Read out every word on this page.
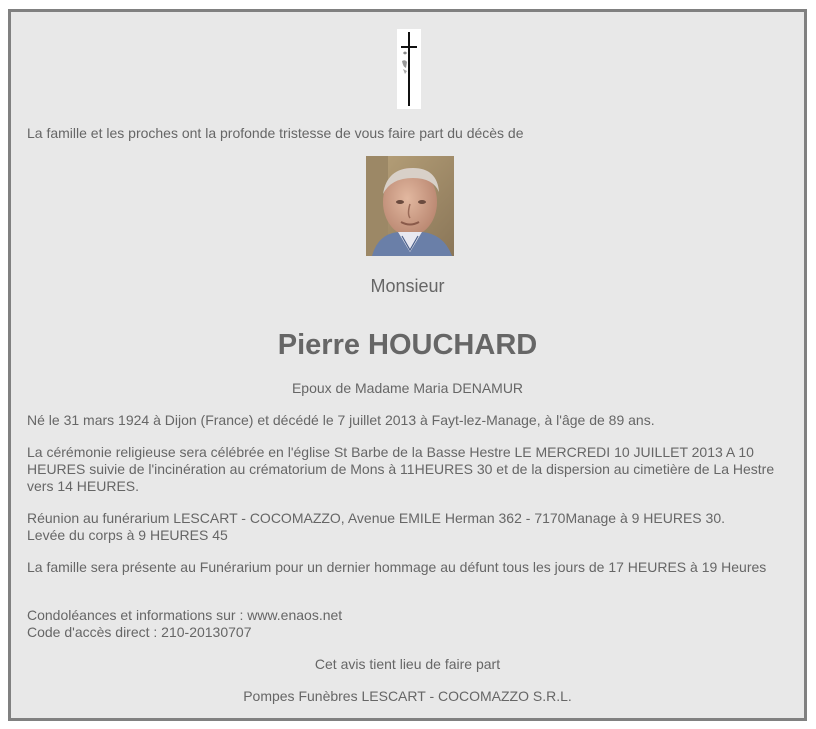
La famille et les proches ont la profonde tristesse de vous faire part du décès de
Monsieur
Pierre HOUCHARD
Epoux de Madame Maria DENAMUR
Né le 31 mars 1924 à Dijon (France) et décédé le 7 juillet 2013 à Fayt-lez-Manage, à l'âge de 89 ans.
La cérémonie religieuse sera célébrée en l'église St Barbe de la Basse Hestre LE MERCREDI 10 JUILLET 2013 A 10 HEURES suivie de l'incinération au crématorium de Mons à 11HEURES 30 et de la dispersion au cimetière de La Hestre vers 14 HEURES.
Réunion au funérarium LESCART - COCOMAZZO, Avenue EMILE Herman 362 - 7170Manage à 9 HEURES 30.
Levée du corps à 9 HEURES 45
La famille sera présente au Funérarium pour un dernier hommage au défunt tous les jours de 17 HEURES à 19 Heures
Condoléances et informations sur : www.enaos.net
Code d'accès direct : 210-20130707
Cet avis tient lieu de faire part
Pompes Funèbres LESCART - COCOMAZZO S.R.L.
